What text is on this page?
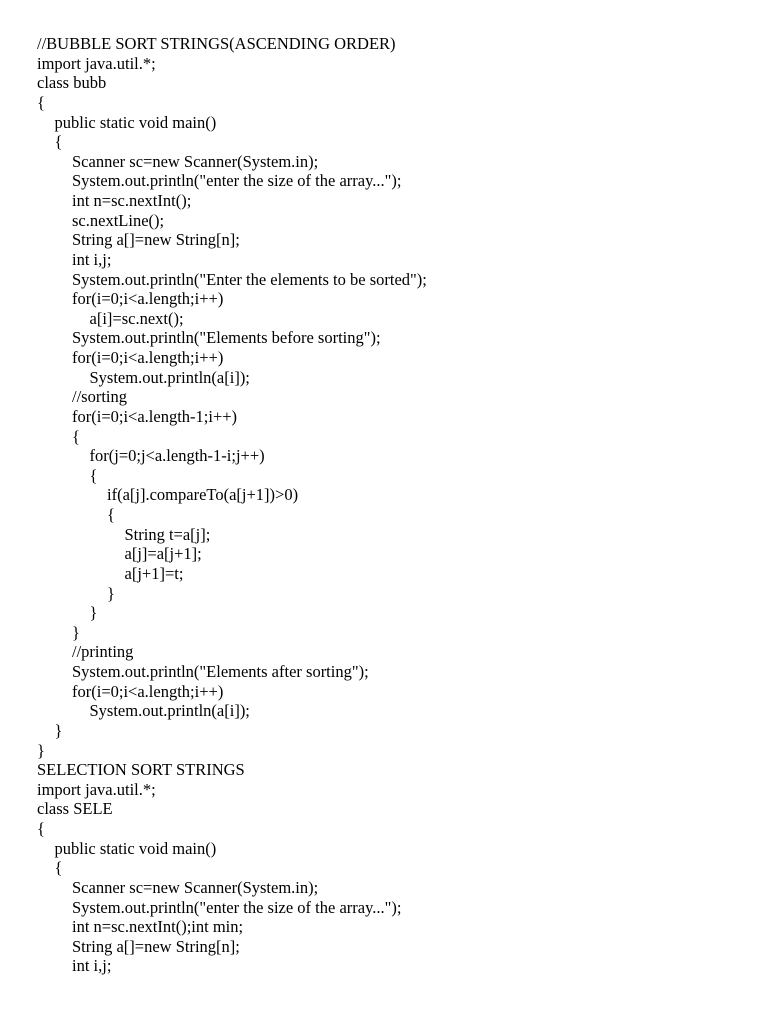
//BUBBLE SORT STRINGS(ASCENDING ORDER)
import java.util.*;
class bubb
{
public static void main()
{
Scanner sc=new Scanner(System.in);
System.out.println("enter the size of the array...");
int n=sc.nextInt();
sc.nextLine();
String a[]=new String[n];
int i,j;
System.out.println("Enter the elements to be sorted");
for(i=0;i<a.length;i++)
a[i]=sc.next();
System.out.println("Elements before sorting");
for(i=0;i<a.length;i++)
System.out.println(a[i]);
//sorting
for(i=0;i<a.length-1;i++)
{
for(j=0;j<a.length-1-i;j++)
{
if(a[j].compareTo(a[j+1])>0)
{
String t=a[j];
a[j]=a[j+1];
a[j+1]=t;
}
}
}
//printing
System.out.println("Elements after sorting");
for(i=0;i<a.length;i++)
System.out.println(a[i]);
}
}
SELECTION SORT STRINGS
import java.util.*;
class SELE
{
public static void main()
{
Scanner sc=new Scanner(System.in);
System.out.println("enter the size of the array...");
int n=sc.nextInt();int min;
String a[]=new String[n];
int i,j;
